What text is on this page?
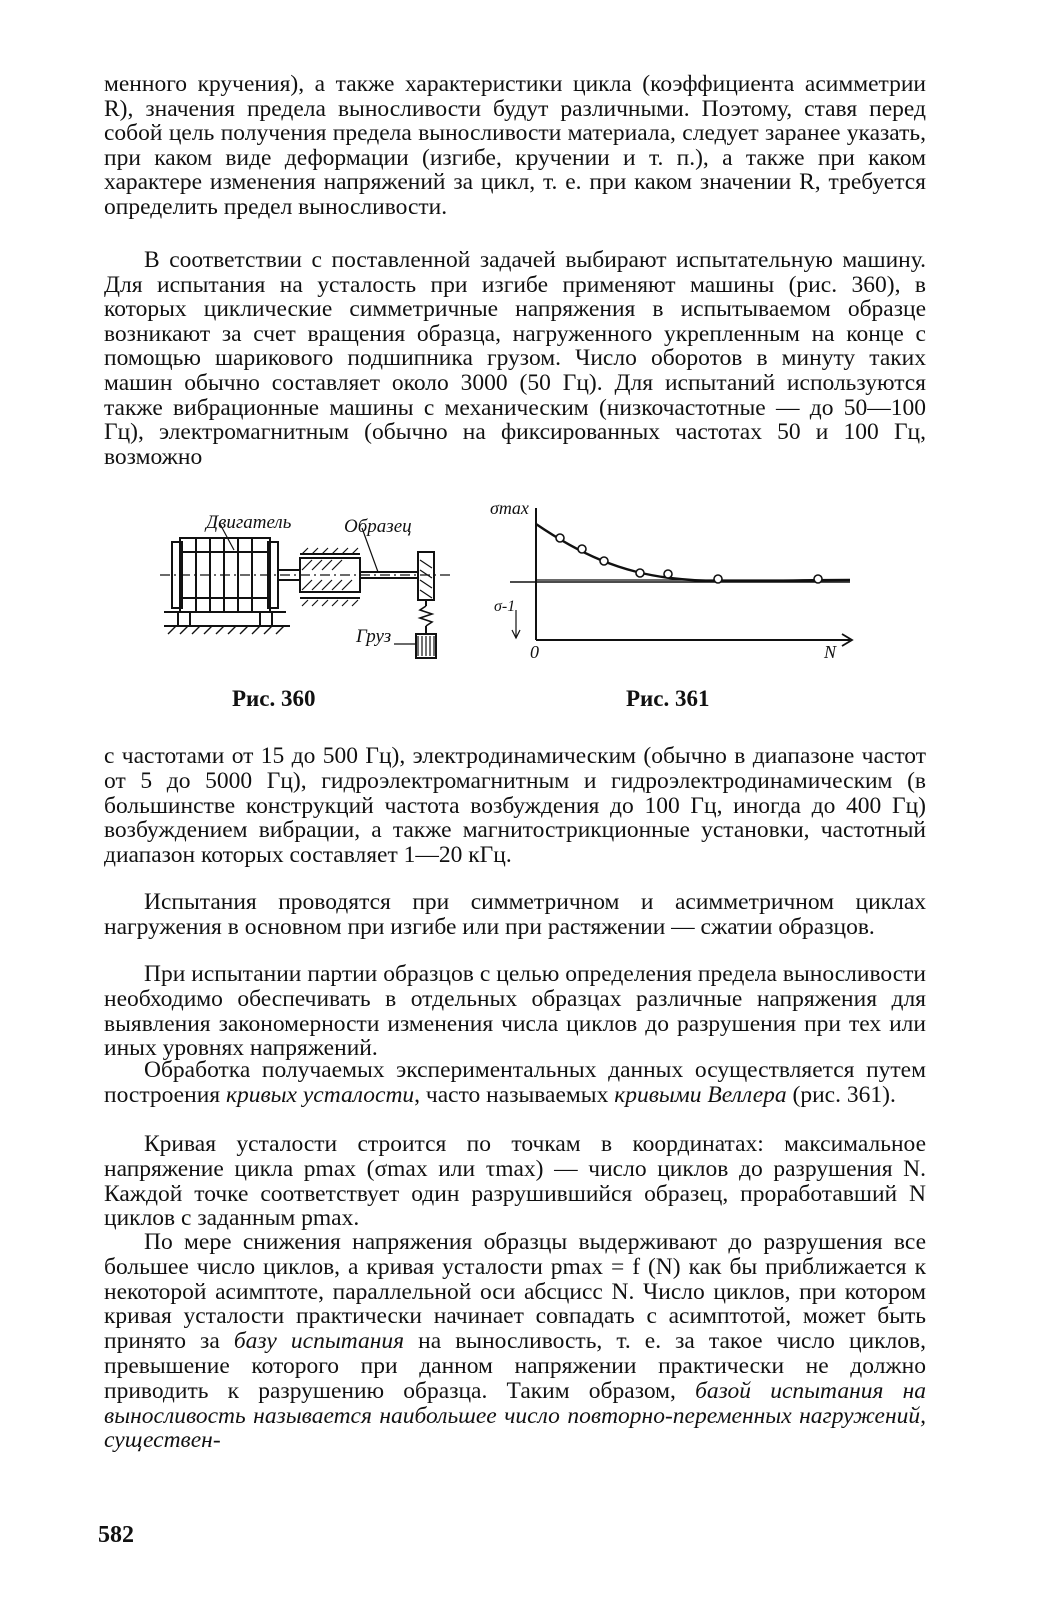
менного кручения), а также характеристики цикла (коэффициента асимметрии R), значения предела выносливости будут различными. Поэтому, ставя перед собой цель получения предела выносливости материала, следует заранее указать, при каком виде деформации (изгибе, кручении и т. п.), а также при каком характере изменения напряжений за цикл, т. е. при каком значении R, требуется определить предел выносливости.

В соответствии с поставленной задачей выбирают испытательную машину. Для испытания на усталость при изгибе применяют машины (рис. 360), в которых циклические симметричные напряжения в испытываемом образце возникают за счет вращения образца, нагруженного укрепленным на конце с помощью шарикового подшипника грузом. Число оборотов в минуту таких машин обычно составляет около 3000 (50 Гц). Для испытаний используются также вибрационные машины с механическим (низкочастотные — до 50—100 Гц), электромагнитным (обычно на фиксированных частотах 50 и 100 Гц, возможно

Двигатель	Образец
Груз
Рис. 360
σmax
σ-1
0	N
Рис. 361

с частотами от 15 до 500 Гц), электродинамическим (обычно в диапазоне частот от 5 до 5000 Гц), гидроэлектромагнитным и гидроэлектродинамическим (в большинстве конструкций частота возбуждения до 100 Гц, иногда до 400 Гц) возбуждением вибрации, а также магнитострикционные установки, частотный диапазон которых составляет 1—20 кГц.

Испытания проводятся при симметричном и асимметричном циклах нагружения в основном при изгибе или при растяжении — сжатии образцов.

При испытании партии образцов с целью определения предела выносливости необходимо обеспечивать в отдельных образцах различные напряжения для выявления закономерности изменения числа циклов до разрушения при тех или иных уровнях напряжений.

Обработка получаемых экспериментальных данных осуществляется путем построения кривых усталости, часто называемых кривыми Веллера (рис. 361).

Кривая усталости строится по точкам в координатах: максимальное напряжение цикла pmax (σmax или τmax) — число циклов до разрушения N. Каждой точке соответствует один разрушившийся образец, проработавший N циклов с заданным pmax.

По мере снижения напряжения образцы выдерживают до разрушения все большее число циклов, а кривая усталости pmax = f (N) как бы приближается к некоторой асимптоте, параллельной оси абсцисс N. Число циклов, при котором кривая усталости практически начинает совпадать с асимптотой, может быть принято за базу испытания на выносливость, т. е. за такое число циклов, превышение которого при данном напряжении практически не должно приводить к разрушению образца. Таким образом, базой испытания на выносливость называется наибольшее число повторно-переменных нагружений, существен-

582
